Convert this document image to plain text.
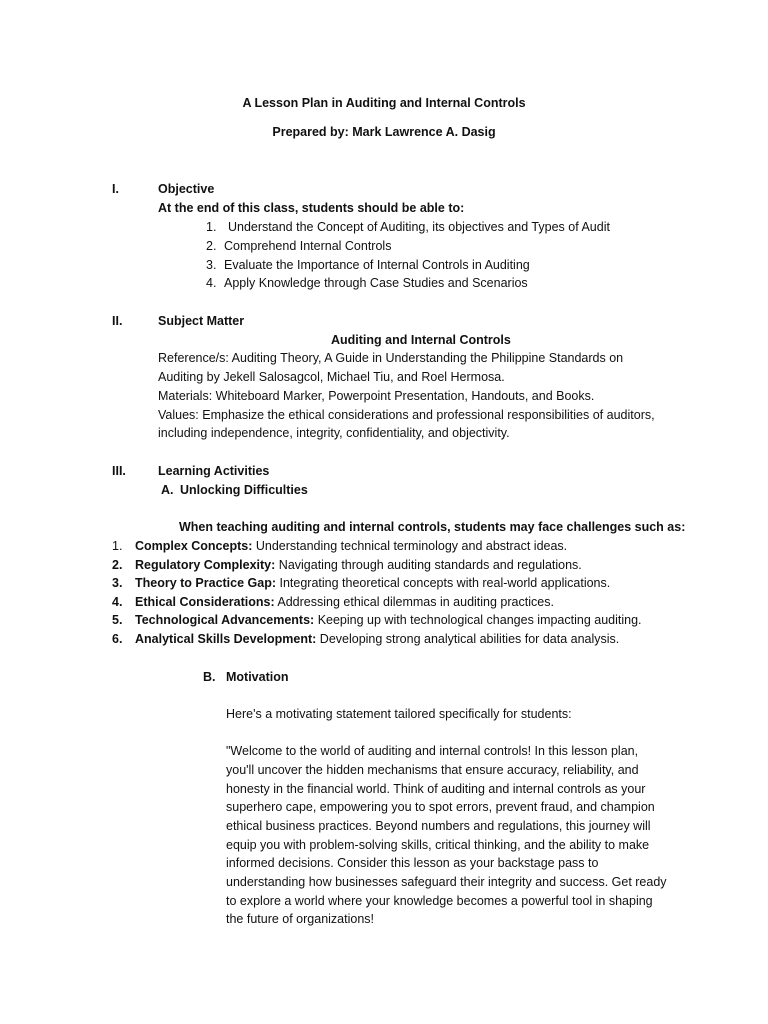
A Lesson Plan in Auditing and Internal Controls
Prepared by: Mark Lawrence A. Dasig
I.	Objective
At the end of this class, students should be able to:
1. Understand the Concept of Auditing, its objectives and Types of Audit
2. Comprehend Internal Controls
3. Evaluate the Importance of Internal Controls in Auditing
4. Apply Knowledge through Case Studies and Scenarios
II.	Subject Matter
Auditing and Internal Controls
Reference/s: Auditing Theory, A Guide in Understanding the Philippine Standards on
Auditing by Jekell Salosagcol, Michael Tiu, and Roel Hermosa.
Materials: Whiteboard Marker, Powerpoint Presentation, Handouts, and Books.
Values: Emphasize the ethical considerations and professional responsibilities of auditors,
including independence, integrity, confidentiality, and objectivity.
III.	Learning Activities
A. Unlocking Difficulties
When teaching auditing and internal controls, students may face challenges such as:
1. Complex Concepts: Understanding technical terminology and abstract ideas.
2. Regulatory Complexity: Navigating through auditing standards and regulations.
3. Theory to Practice Gap: Integrating theoretical concepts with real-world applications.
4. Ethical Considerations: Addressing ethical dilemmas in auditing practices.
5. Technological Advancements: Keeping up with technological changes impacting auditing.
6. Analytical Skills Development: Developing strong analytical abilities for data analysis.
B. Motivation
Here's a motivating statement tailored specifically for students:
"Welcome to the world of auditing and internal controls! In this lesson plan,
you'll uncover the hidden mechanisms that ensure accuracy, reliability, and
honesty in the financial world. Think of auditing and internal controls as your
superhero cape, empowering you to spot errors, prevent fraud, and champion
ethical business practices. Beyond numbers and regulations, this journey will
equip you with problem-solving skills, critical thinking, and the ability to make
informed decisions. Consider this lesson as your backstage pass to
understanding how businesses safeguard their integrity and success. Get ready
to explore a world where your knowledge becomes a powerful tool in shaping
the future of organizations!
